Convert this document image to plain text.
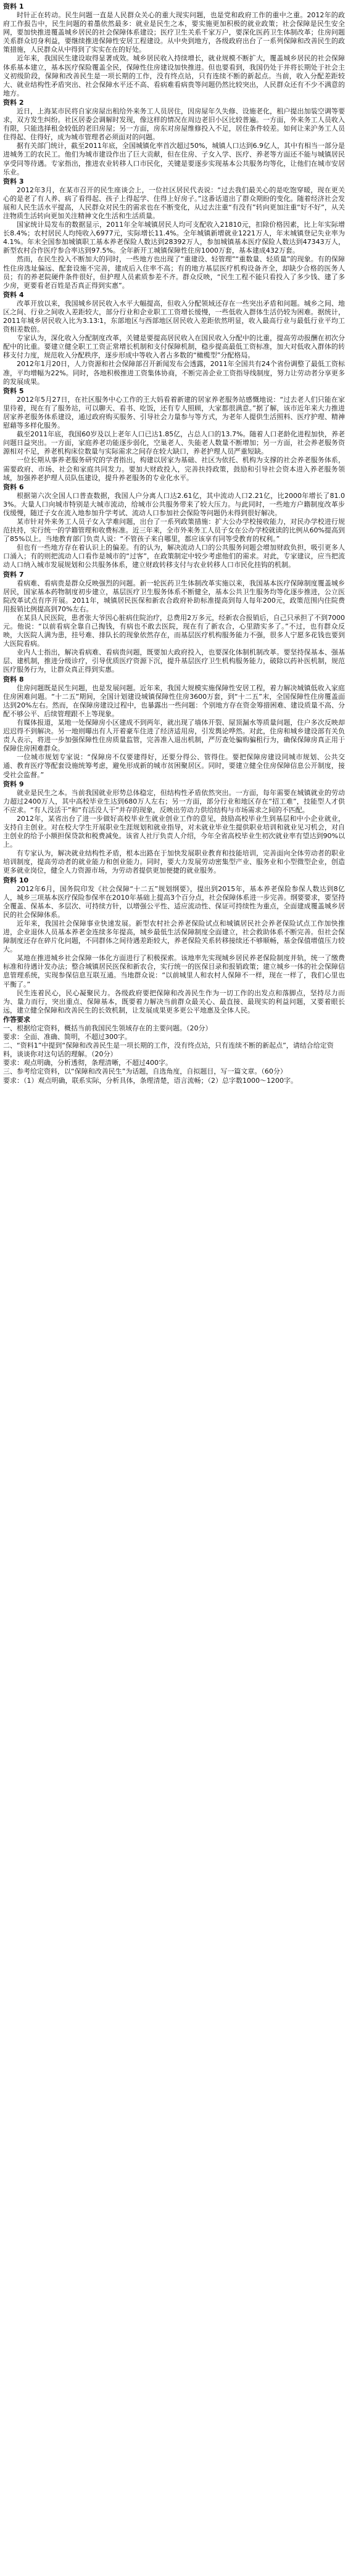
资料 1

时针正在转动。民生问题一直是人民群众关心的重大现实问题，也是党和政府工作的重中之重。2012年的政府工作报告中，民生问题的着墨依然最多：就业是民生之本，要实施更加积极的就业政策；社会保障是民生安全网，要加快推进覆盖城乡居民的社会保障体系建设；医疗卫生关系千家万户，要深化医药卫生体制改革；住房问题关系群众切身利益，要继续推进保障性安居工程建设。从中央到地方，各级政府出台了一系列保障和改善民生的政策措施，人民群众从中得到了实实在在的好处。

近年来，我国民生建设取得显著成效。城乡居民收入持续增长，就业规模不断扩大，覆盖城乡居民的社会保障体系基本建立，基本医疗保险覆盖全民，保障性住房建设加快推进。但也要看到，我国仍处于并将长期处于社会主义初级阶段，保障和改善民生是一项长期的工作，没有终点站，只有连续不断的新起点。当前，收入分配差距较大、就业结构性矛盾突出、社会保障水平还不高、看病难看病贵等问题仍然比较突出，人民群众还有不少不满意的地方。

资料 2

近日，上海某市民将自家房屋出租给外来务工人员居住，因房屋年久失修、设施老化，租户提出加装空调等要求，双方发生纠纷。社区居委会调解时发现，像这样的情况在周边老旧小区比较普遍。一方面，外来务工人员收入有限，只能选择租金较低的老旧房屋；另一方面，房东对房屋维修投入不足，居住条件较差。如何让来沪务工人员住得起、住得好，成为城市管理者必须面对的问题。

据有关部门统计，截至2011年底，全国城镇化率首次超过50%，城镇人口达到6.9亿人，其中有相当一部分是进城务工的农民工。他们为城市建设作出了巨大贡献，但在住房、子女入学、医疗、养老等方面还不能与城镇居民享受同等待遇。专家指出，推进农业转移人口市民化，关键是要逐步实现基本公共服务均等化，让他们在城市安居乐业。

资料 3

2012年3月，在某市召开的民生座谈会上，一位社区居民代表说：“过去我们最关心的是吃饱穿暖，现在更关心的是老了有人养、病了看得起、孩子上得起学、住得上好房子。”这番话道出了群众期盼的变化。随着经济社会发展和人民生活水平提高，人民群众对民生的需求也在不断变化，从过去注重“有没有”转向更加注重“好不好”，从关注物质生活转向更加关注精神文化生活和生活质量。

国家统计局发布的数据显示，2011年全年城镇居民人均可支配收入21810元，扣除价格因素，比上年实际增长8.4%；农村居民人均纯收入6977元，实际增长11.4%。全年城镇新增就业1221万人，年末城镇登记失业率为4.1%。年末全国参加城镇职工基本养老保险人数达到28392万人，参加城镇基本医疗保险人数达到47343万人，新型农村合作医疗参合率达到97.5%。全年新开工城镇保障性住房1000万套，基本建成432万套。

然而，在民生投入不断加大的同时，一些地方也出现了“重建设、轻管理”“重数量、轻质量”的现象。有的保障性住房选址偏远、配套设施不完善，建成后入住率不高；有的地方基层医疗机构设备齐全，却缺少合格的医务人员；有的养老院硬件条件很好，但护理人员素质参差不齐。群众反映，“民生工程不能只看投入了多少钱、建了多少房，更要看老百姓是否真正得到实惠”。

资料 4

改革开放以来，我国城乡居民收入水平大幅提高，但收入分配领域还存在一些突出矛盾和问题。城乡之间、地区之间、行业之间收入差距较大，部分行业和企业职工工资增长缓慢，一些低收入群体生活仍较为困难。据统计，2011年城乡居民收入比为3.13∶1，东部地区与西部地区居民收入差距依然明显，收入最高行业与最低行业平均工资相差数倍。

专家认为，深化收入分配制度改革，关键是要提高居民收入在国民收入分配中的比重，提高劳动报酬在初次分配中的比重。要建立健全职工工资正常增长机制和支付保障机制，稳步提高最低工资标准，加大对低收入群体的转移支付力度，规范收入分配秩序，逐步形成中等收入者占多数的“橄榄型”分配格局。

2012年1月20日，人力资源和社会保障部召开新闻发布会透露，2011年全国共有24个省份调整了最低工资标准，平均增幅为22%。同时，各地积极推进工资集体协商，不断完善企业工资指导线制度，努力让劳动者分享更多的发展成果。

资料 5

2012年5月27日，在社区服务中心工作的王大妈看着新建的居家养老服务站感慨地说：“过去老人们只能在家里待着，现在有了服务站，可以聊天、看书、吃饭，还有专人照顾，大家都很满意。”据了解，该市近年来大力推进居家养老服务体系建设，通过政府购买服务、引导社会力量参与等方式，为老年人提供生活照料、医疗护理、精神慰藉等多样化服务。

截至2011年底，我国60岁及以上老年人口已达1.85亿，占总人口的13.7%。随着人口老龄化进程加快，养老问题日益突出。一方面，家庭养老功能逐步弱化，空巢老人、失能老人数量不断增加；另一方面，社会养老服务资源相对不足，养老机构床位数量与实际需求之间存在较大缺口，养老护理人员严重短缺。

一位长期从事养老服务研究的学者指出，构建以居家为基础、社区为依托、机构为支撑的社会养老服务体系，需要政府、市场、社会和家庭共同发力。要加大财政投入，完善扶持政策，鼓励和引导社会资本进入养老服务领域，加强养老护理人员队伍建设，提升养老服务的专业化水平。

资料 6

根据第六次全国人口普查数据，我国人户分离人口达2.61亿，其中流动人口2.21亿，比2000年增长了81.03%。大量人口向城市特别是大城市流动，给城市公共服务带来了较大压力。与此同时，一些地方户籍制度改革步伐缓慢，随迁子女在流入地参加升学考试、流动人口参加社会保险等问题仍未得到很好解决。

某市针对外来务工人员子女入学难问题，出台了一系列政策措施：扩大公办学校接收能力，对民办学校进行规范扶持，实行统一的学籍管理和收费标准。近三年来，全市外来务工人员子女在公办学校就读的比例从60%提高到了85%以上。当地教育部门负责人说：“不管孩子来自哪里，都应该享有同等受教育的权利。”

但也有一些地方存在着认识上的偏差。有的认为，解决流动人口的公共服务问题会增加财政负担，吸引更多人口涌入；有的则把流动人口看作是城市的“过客”，在政策制定中较少考虑他们的需求。对此，专家建议，应当把流动人口纳入城市发展规划和公共服务体系，建立财政转移支付与农业转移人口市民化挂钩的机制。

资料 7

看病难、看病贵是群众反映强烈的问题。新一轮医药卫生体制改革实施以来，我国基本医疗保障制度覆盖城乡居民，国家基本药物制度初步建立，基层医疗卫生服务体系不断健全，基本公共卫生服务均等化逐步推进，公立医院改革试点有序开展。2011年，城镇居民医保和新农合政府补助标准提高到每人每年200元，政策范围内住院费用报销比例提高到70%左右。

在某县人民医院，患者张大爷因心脏病住院治疗，总费用2万多元，经新农合报销后，自己只承担了不到7000元。他说：“以前看病全靠自己掏钱，有病也不敢去医院，现在有了新农合，心里踏实多了。”不过，也有群众反映，大医院人满为患，挂号难、排队长的现象依然存在，而基层医疗机构服务能力不强，很多人宁愿多花钱也要到大医院看病。

业内人士指出，解决看病难、看病贵问题，既要加大政府投入，也要深化体制机制改革。要坚持保基本、强基层、建机制，推进分级诊疗，引导优质医疗资源下沉，提升基层医疗卫生机构服务能力，破除以药补医机制，规范医疗服务行为，让群众真正得到实惠。

资料 8

住房问题既是民生问题，也是发展问题。近年来，我国大规模实施保障性安居工程，着力解决城镇低收入家庭住房困难问题。“十二五”期间，全国计划建设城镇保障性住房3600万套，到“十二五”末，全国保障性住房覆盖面达到20%左右。然而，在保障房建设过程中，也暴露出一些问题：个别地方存在资金筹措困难、建设质量不高、分配不够公平、后续管理跟不上等现象。

有媒体报道，某地一处保障房小区建成不到两年，就出现了墙体开裂、屋顶漏水等质量问题，住户多次反映却迟迟得不到解决。另一地则曝出有人开着豪车住进了经济适用房，引发舆论哗然。对此，住房和城乡建设部有关负责人表示，将进一步加强保障性住房质量监管，完善准入退出机制，严厉查处骗购骗租行为，确保保障房真正用于保障住房困难群众。

一位城市规划专家说：“保障房不仅要建得好，还要分得公、管得住。要把保障房建设同城市规划、公共交通、教育医疗等配套设施统筹考虑，避免形成新的城市贫困聚居区。同时，要建立健全住房保障信息公开制度，接受社会监督。”

资料 9

就业是民生之本。当前我国就业形势总体稳定，但结构性矛盾依然突出。一方面，每年需要在城镇就业的劳动力超过2400万人，其中高校毕业生达到680万人左右；另一方面，部分行业和地区存在“招工难”，技能型人才供不应求。“有人没活干”和“有活没人干”并存的现象，反映出劳动力供给结构与市场需求之间的不匹配。

2012年，某省出台了进一步做好高校毕业生就业创业工作的意见，鼓励高校毕业生到基层和中小企业就业，支持自主创业。对在校大学生开展职业生涯规划和就业指导，对未就业毕业生提供职业培训和就业见习机会，对自主创业的给予小额担保贷款和税费减免。该省人社厅负责人介绍，今年全省高校毕业生初次就业率有望达到90%以上。

有专家认为，解决就业结构性矛盾，根本出路在于加快发展职业教育和技能培训，完善面向全体劳动者的职业培训制度，提高劳动者的就业能力和创业能力。同时，要大力发展劳动密集型产业、服务业和小型微型企业，创造更多就业岗位，健全人力资源市场，为劳动者提供更加便捷的就业服务。

资料 10

2012年6月，国务院印发《社会保障“十二五”规划纲要》，提出到2015年，基本养老保险参保人数达到8亿人，城乡三项基本医疗保险参保率在2010年基础上提高3个百分点，社会保障体系进一步完善。纲要要求，要坚持全覆盖、保基本、多层次、可持续方针，以增强公平性、适应流动性、保证可持续性为重点，全面建成覆盖城乡居民的社会保障体系。

近年来，我国社会保障事业快速发展。新型农村社会养老保险试点和城镇居民社会养老保险试点工作加快推进，企业退休人员基本养老金连续多年提高，城乡最低生活保障制度全面建立，社会救助体系不断完善。但社会保障制度还存在碎片化问题，不同群体之间待遇差距较大，养老保险关系转移接续还不够顺畅，基金保值增值压力较大。

某地在推进城乡社会保障一体化方面进行了积极探索。该地率先实现城乡居民养老保险制度并轨，统一了缴费标准和待遇计发办法；整合城镇居民医保和新农合，实行统一的医保目录和报销政策；建立城乡一体的社会保障信息管理系统，实现参保信息互联互通。当地群众说：“以前城里人和农村人保障不一样，现在一样了，我们心里也平衡了。”

民生连着民心，民心凝聚民力。各级政府要把保障和改善民生作为一切工作的出发点和落脚点，坚持尽力而为、量力而行，突出重点、保障基本，既要着力解决当前群众最关心、最直接、最现实的利益问题，又要着眼长远，建立健全保障和改善民生的长效机制，让发展成果更多更公平地惠及全体人民。

作答要求

一、根据给定资料，概括当前我国民生领域存在的主要问题。（20分）

要求：全面、准确、简明，不超过300字。

二、“资料1”中提到“保障和改善民生是一项长期的工作，没有终点站，只有连续不断的新起点”，请结合给定资料，谈谈你对这句话的理解。（20分）

要求：观点明确，分析透彻，条理清晰，不超过400字。

三、参考给定资料，以“保障和改善民生”为话题，自选角度，自拟题目，写一篇文章。（60分）

要求：（1）观点明确，联系实际，分析具体，条理清楚，语言流畅；（2）总字数1000～1200字。
